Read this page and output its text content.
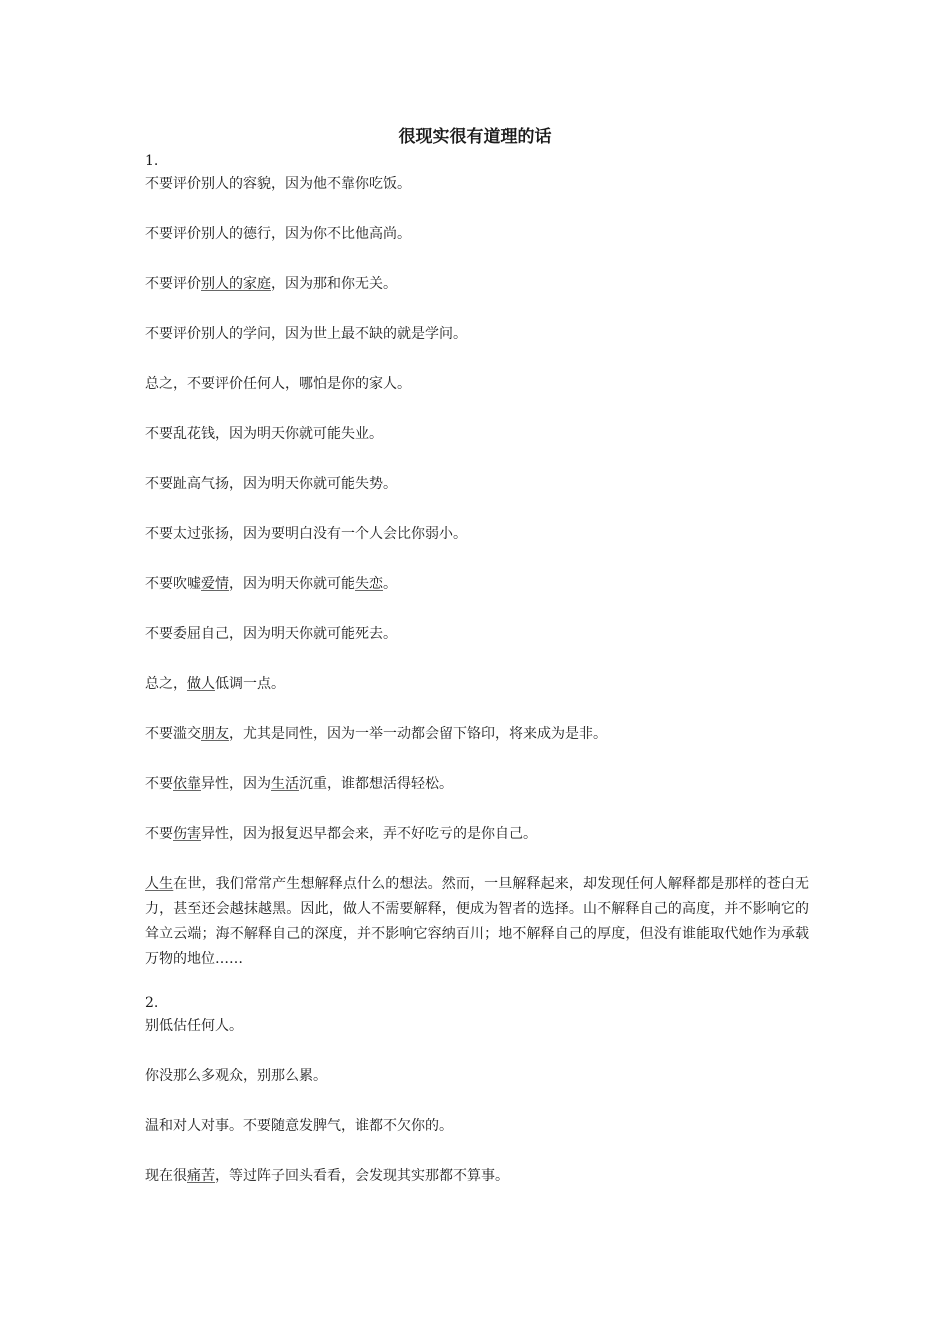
很现实很有道理的话

1.

不要评价别人的容貌，因为他不靠你吃饭。

不要评价别人的德行，因为你不比他高尚。

不要评价别人的家庭，因为那和你无关。

不要评价别人的学问，因为世上最不缺的就是学问。

总之，不要评价任何人，哪怕是你的家人。

不要乱花钱，因为明天你就可能失业。

不要趾高气扬，因为明天你就可能失势。

不要太过张扬，因为要明白没有一个人会比你弱小。

不要吹嘘爱情，因为明天你就可能失恋。

不要委屈自己，因为明天你就可能死去。

总之，做人低调一点。

不要滥交朋友，尤其是同性，因为一举一动都会留下铬印，将来成为是非。

不要依靠异性，因为生活沉重，谁都想活得轻松。

不要伤害异性，因为报复迟早都会来，弄不好吃亏的是你自己。

人生在世，我们常常产生想解释点什么的想法。然而，一旦解释起来，却发现任何人解释都是那样的苍白无力，甚至还会越抹越黑。因此，做人不需要解释，便成为智者的选择。山不解释自己的高度，并不影响它的耸立云端；海不解释自己的深度，并不影响它容纳百川；地不解释自己的厚度，但没有谁能取代她作为承载万物的地位……

2.

别低估任何人。

你没那么多观众，别那么累。

温和对人对事。不要随意发脾气，谁都不欠你的。

现在很痛苦，等过阵子回头看看，会发现其实那都不算事。
